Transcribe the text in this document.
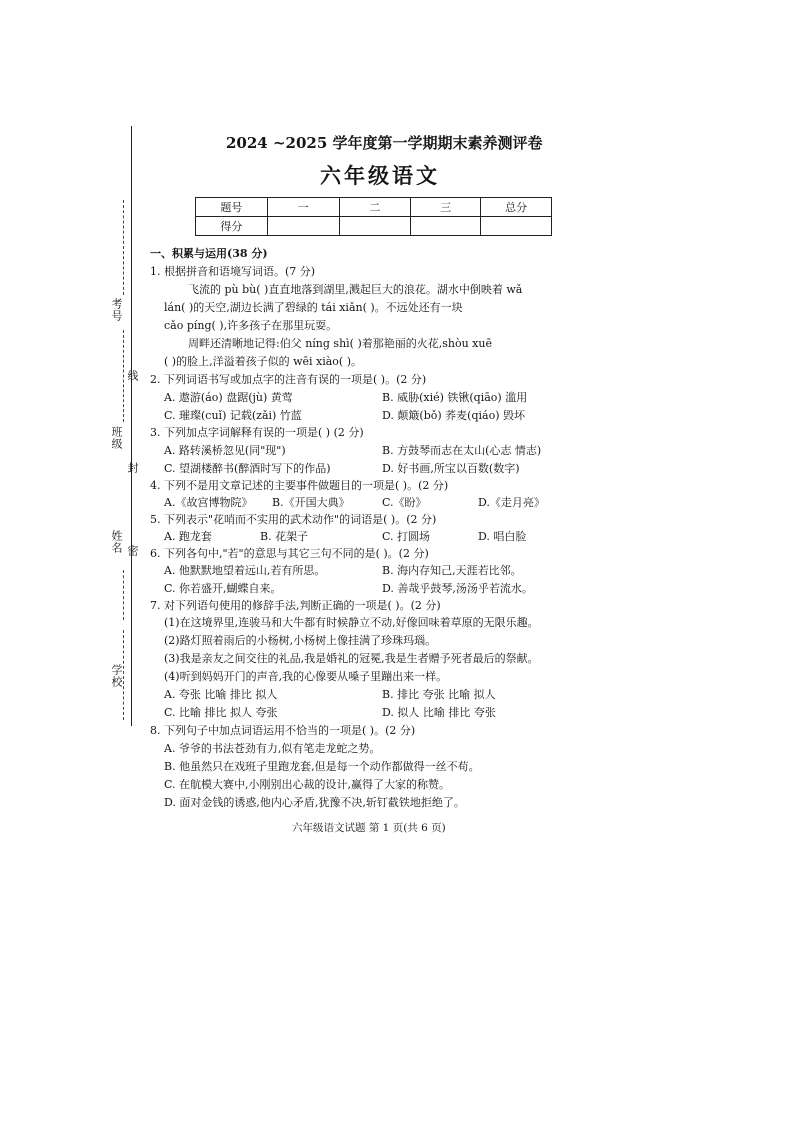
考号
线
班级
封
姓名 密
学校
2024 ~2025 学年度第一学期期末素养测评卷
六年级语文
题号	一	二	三	总分
得分				
一、积累与运用(38 分)
1. 根据拼音和语境写词语。(7 分)
飞流的 pù bù( )直直地落到湖里,溅起巨大的浪花。湖水中倒映着 wǎ
lán( )的天空,湖边长满了碧绿的 tái xiǎn( )。不远处还有一块
cǎo píng( ),许多孩子在那里玩耍。
周畔还清晰地记得:伯父 níng shì( )着那艳丽的火花,shòu xuē
( )的脸上,洋溢着孩子似的 wēi xiào( )。
2. 下列词语书写或加点字的注音有误的一项是( )。(2 分)
A. 遨游(áo) 盘踞(jù) 黄莺	B. 威胁(xié) 铁锹(qiāo) 滥用
C. 璀璨(cuǐ) 记载(zǎi) 竹蓝	D. 颠簸(bǒ) 荞麦(qiáo) 毁坏
3. 下列加点字词解释有误的一项是( ) (2 分)
A. 路转溪桥忽见(同"现")	B. 方鼓琴而志在太山(心志 情志)
C. 望湖楼醉书(醉酒时写下的作品)	D. 好书画,所宝以百数(数字)
4. 下列不是用文章记述的主要事件做题目的一项是( )。(2 分)
A.《故宫博物院》 B.《开国大典》	C.《盼》	D.《走月亮》
5. 下列表示"花哨而不实用的武术动作"的词语是( )。(2 分)
A. 跑龙套	B. 花架子	C. 打圆场	D. 唱白脸
6. 下列各句中,"若"的意思与其它三句不同的是( )。(2 分)
A. 他默默地望着远山,若有所思。	B. 海内存知己,天涯若比邻。
C. 你若盛开,蝴蝶自来。	D. 善哉乎鼓琴,汤汤乎若流水。
7. 对下列语句使用的修辞手法,判断正确的一项是( )。(2 分)
(1)在这境界里,连骏马和大牛都有时候静立不动,好像回味着草原的无限乐趣。
(2)路灯照着雨后的小杨树,小杨树上像挂满了珍珠玛瑙。
(3)我是亲友之间交往的礼品,我是婚礼的冠冕,我是生者赠予死者最后的祭献。
(4)听到妈妈开门的声音,我的心像要从嗓子里蹦出来一样。
A. 夸张 比喻 排比 拟人	B. 排比 夸张 比喻 拟人
C. 比喻 排比 拟人 夸张	D. 拟人 比喻 排比 夸张
8. 下列句子中加点词语运用不恰当的一项是( )。(2 分)
A. 爷爷的书法苍劲有力,似有笔走龙蛇之势。
B. 他虽然只在戏班子里跑龙套,但是每一个动作都做得一丝不苟。
C. 在航模大赛中,小刚别出心裁的设计,赢得了大家的称赞。
D. 面对金钱的诱惑,他内心矛盾,犹豫不决,斩钉截铁地拒绝了。
六年级语文试题 第 1 页(共 6 页)
